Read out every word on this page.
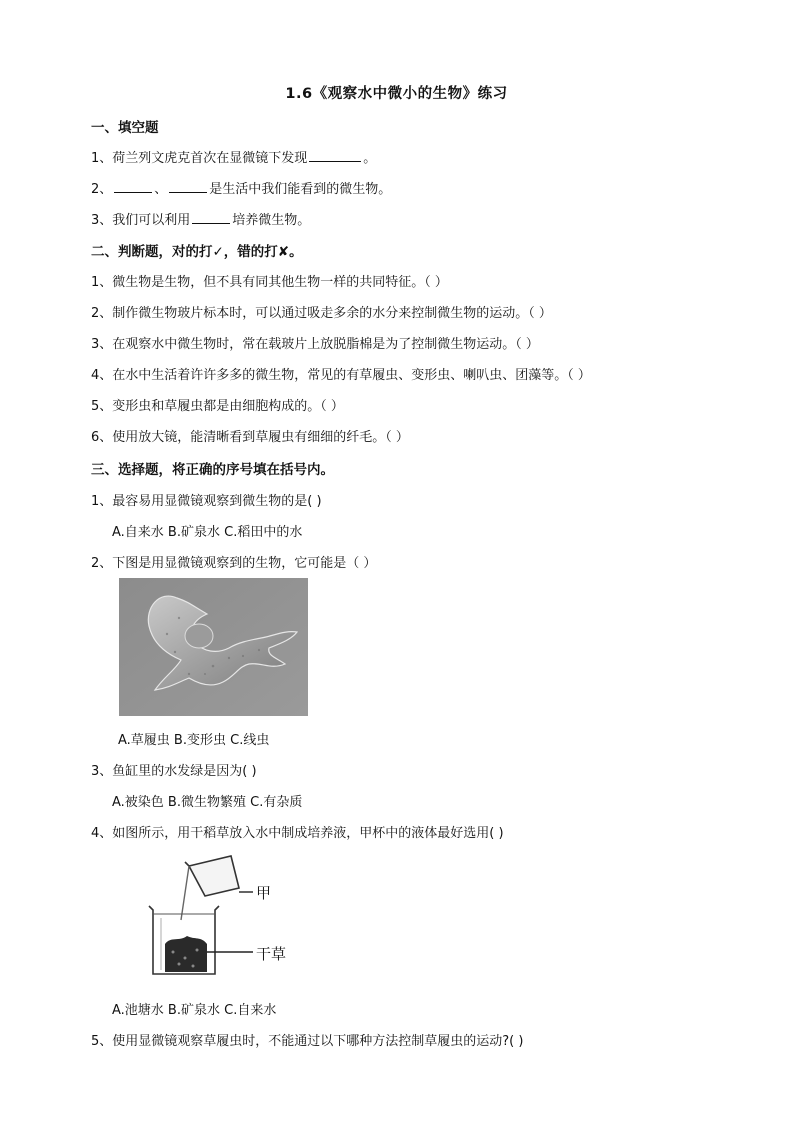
1.6《观察水中微小的生物》练习
一、填空题
1、荷兰列文虎克首次在显微镜下发现	。
2、	、	是生活中我们能看到的微生物。
3、我们可以利用	培养微生物。
二、判断题，对的打✓，错的打✘。
1、微生物是生物，但不具有同其他生物一样的共同特征。（ ）
2、制作微生物玻片标本时，可以通过吸走多余的水分来控制微生物的运动。（ ）
3、在观察水中微生物时，常在载玻片上放脱脂棉是为了控制微生物运动。（ ）
4、在水中生活着许许多多的微生物，常见的有草履虫、变形虫、喇叭虫、团藻等。（ ）
5、变形虫和草履虫都是由细胞构成的。（ ）
6、使用放大镜，能清晰看到草履虫有细细的纤毛。（ ）
三、选择题，将正确的序号填在括号内。
1、最容易用显微镜观察到微生物的是( )
A.自来水 B.矿泉水 C.稻田中的水
2、下图是用显微镜观察到的生物，它可能是（ ）
A.草履虫 B.变形虫 C.线虫
3、鱼缸里的水发绿是因为( )
A.被染色 B.微生物繁殖 C.有杂质
4、如图所示，用干稻草放入水中制成培养液，甲杯中的液体最好选用( )
甲
干草
A.池塘水 B.矿泉水 C.自来水
5、使用显微镜观察草履虫时，不能通过以下哪种方法控制草履虫的运动?( )
